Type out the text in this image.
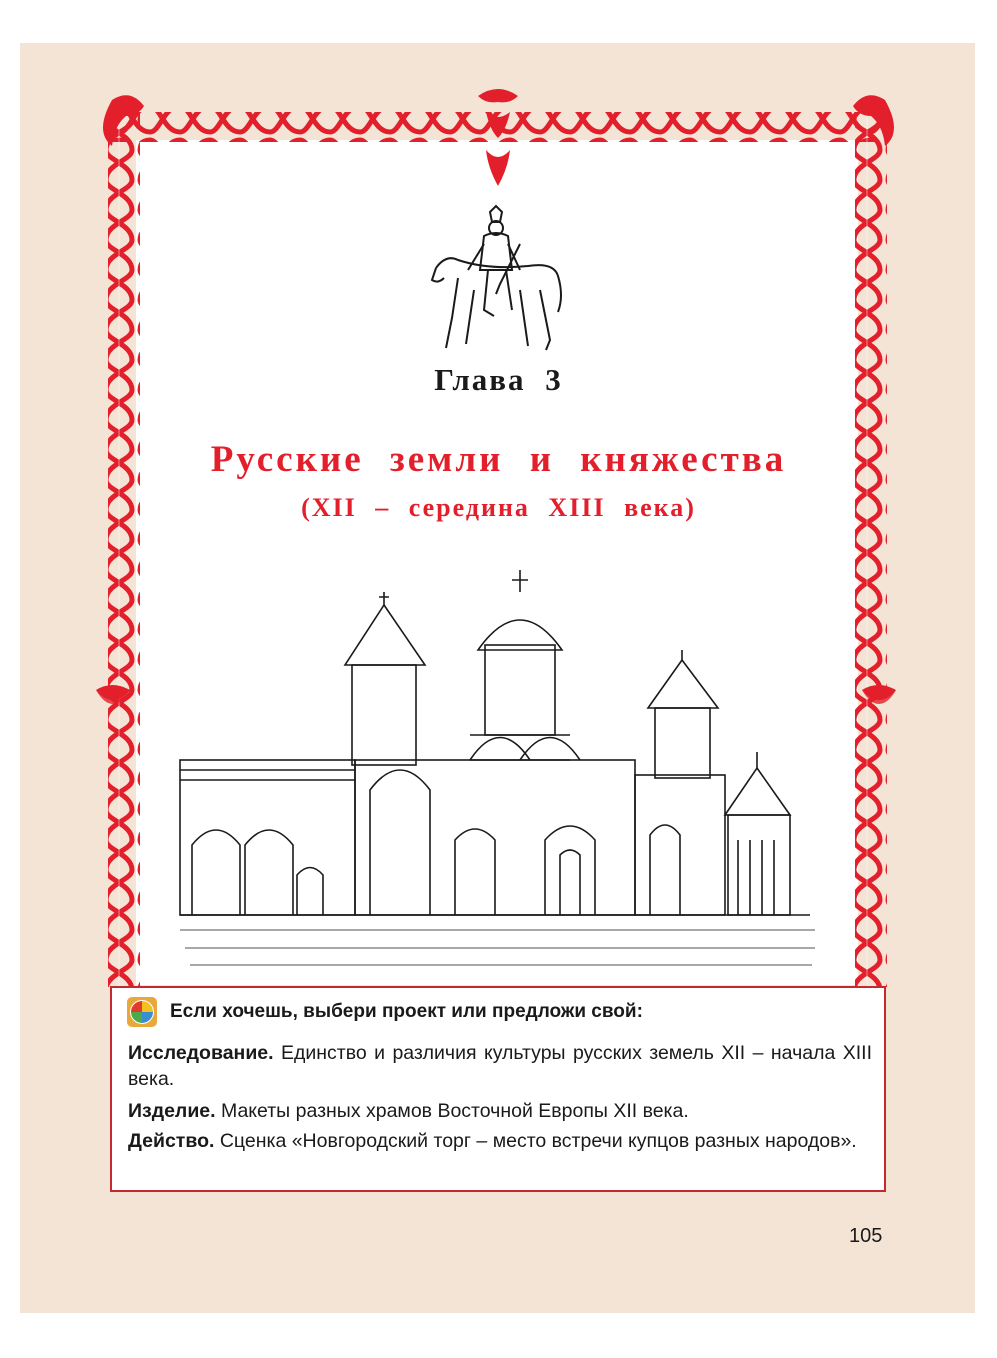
Глава 3
Русские земли и княжества
(XII – середина XIII века)
Если хочешь, выбери проект или предложи свой:
Исследование. Единство и различия культуры русских земель XII – начала XIII века.
Изделие. Макеты разных храмов Восточной Европы XII века.
Действо. Сценка «Новгородский торг – место встречи купцов разных народов».
105
